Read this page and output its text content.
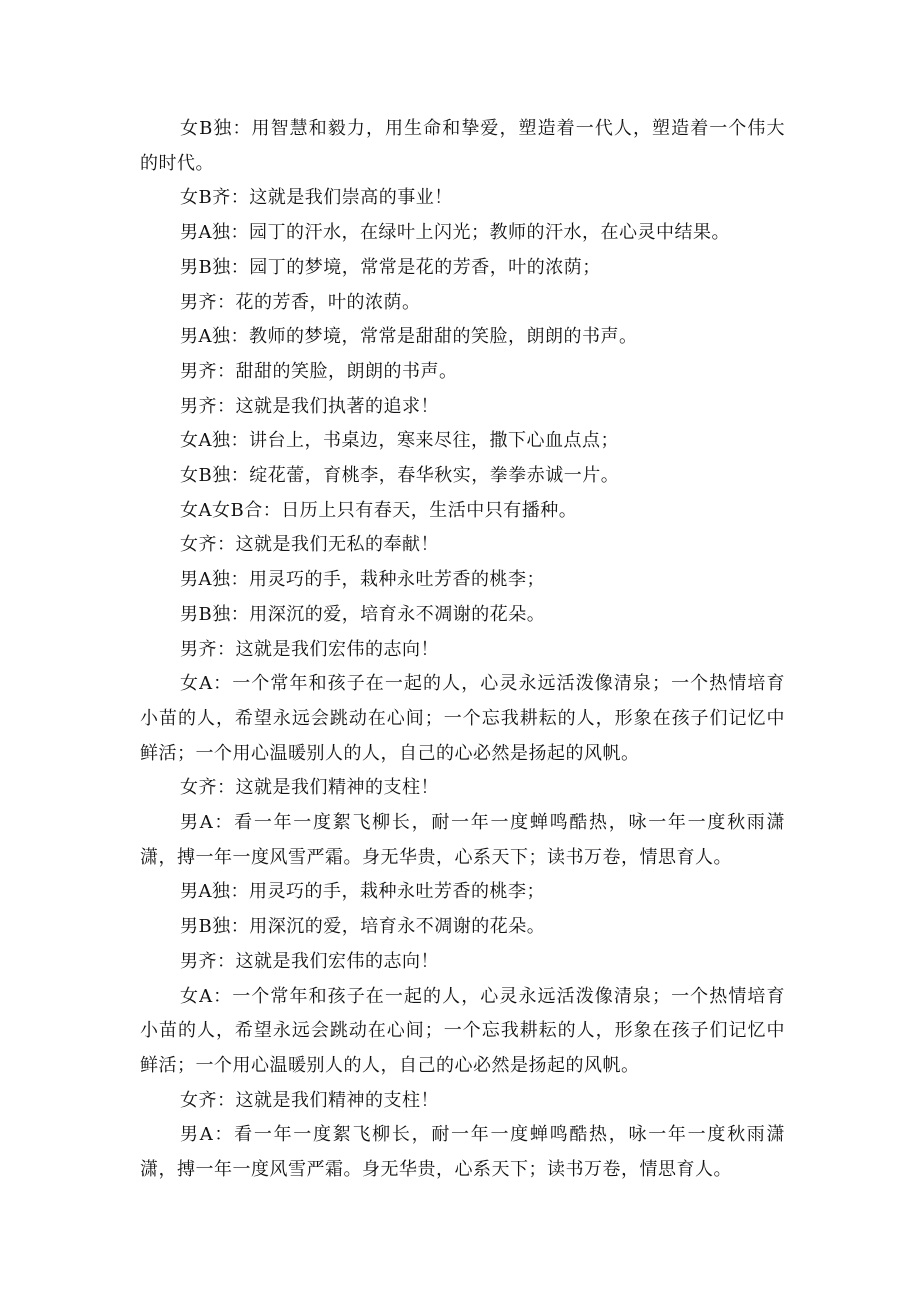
女B独：用智慧和毅力，用生命和挚爱，塑造着一代人，塑造着一个伟大的时代。

女B齐：这就是我们崇高的事业！

男A独：园丁的汗水，在绿叶上闪光；教师的汗水，在心灵中结果。

男B独：园丁的梦境，常常是花的芳香，叶的浓荫；

男齐：花的芳香，叶的浓荫。

男A独：教师的梦境，常常是甜甜的笑脸，朗朗的书声。

男齐：甜甜的笑脸，朗朗的书声。

男齐：这就是我们执著的追求！

女A独：讲台上，书桌边，寒来尽往，撒下心血点点；

女B独：绽花蕾，育桃李，春华秋实，拳拳赤诚一片。

女A女B合：日历上只有春天，生活中只有播种。

女齐：这就是我们无私的奉献！

男A独：用灵巧的手，栽种永吐芳香的桃李；

男B独：用深沉的爱，培育永不凋谢的花朵。

男齐：这就是我们宏伟的志向！

女A：一个常年和孩子在一起的人，心灵永远活泼像清泉；一个热情培育小苗的人，希望永远会跳动在心间；一个忘我耕耘的人，形象在孩子们记忆中鲜活；一个用心温暖别人的人，自己的心必然是扬起的风帆。

女齐：这就是我们精神的支柱！

男A：看一年一度絮飞柳长，耐一年一度蝉鸣酷热，咏一年一度秋雨潇潇，搏一年一度风雪严霜。身无华贵，心系天下；读书万卷，情思育人。

男A独：用灵巧的手，栽种永吐芳香的桃李；

男B独：用深沉的爱，培育永不凋谢的花朵。

男齐：这就是我们宏伟的志向！

女A：一个常年和孩子在一起的人，心灵永远活泼像清泉；一个热情培育小苗的人，希望永远会跳动在心间；一个忘我耕耘的人，形象在孩子们记忆中鲜活；一个用心温暖别人的人，自己的心必然是扬起的风帆。

女齐：这就是我们精神的支柱！

男A：看一年一度絮飞柳长，耐一年一度蝉鸣酷热，咏一年一度秋雨潇潇，搏一年一度风雪严霜。身无华贵，心系天下；读书万卷，情思育人。
